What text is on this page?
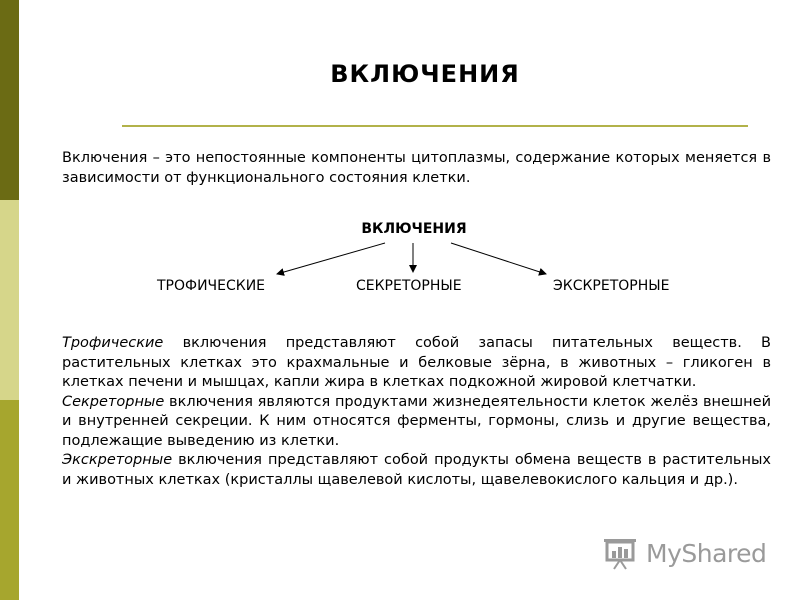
ВКЛЮЧЕНИЯ
Включения – это непостоянные компоненты цитоплазмы, содержание которых меняется в зависимости от функционального состояния клетки.
ВКЛЮЧЕНИЯ
ТРОФИЧЕСКИЕ	СЕКРЕТОРНЫЕ	ЭКСКРЕТОРНЫЕ
Трофические включения представляют собой запасы питательных веществ. В растительных клетках это крахмальные и белковые зёрна, в животных – гликоген в клетках печени и мышцах, капли жира в клетках подкожной жировой клетчатки.
Секреторные включения являются продуктами жизнедеятельности клеток желёз внешней и внутренней секреции. К ним относятся ферменты, гормоны, слизь и другие вещества, подлежащие выведению из клетки.
Экскреторные включения представляют собой продукты обмена веществ в растительных и животных клетках (кристаллы щавелевой кислоты, щавелевокислого кальция и др.).
MyShared
